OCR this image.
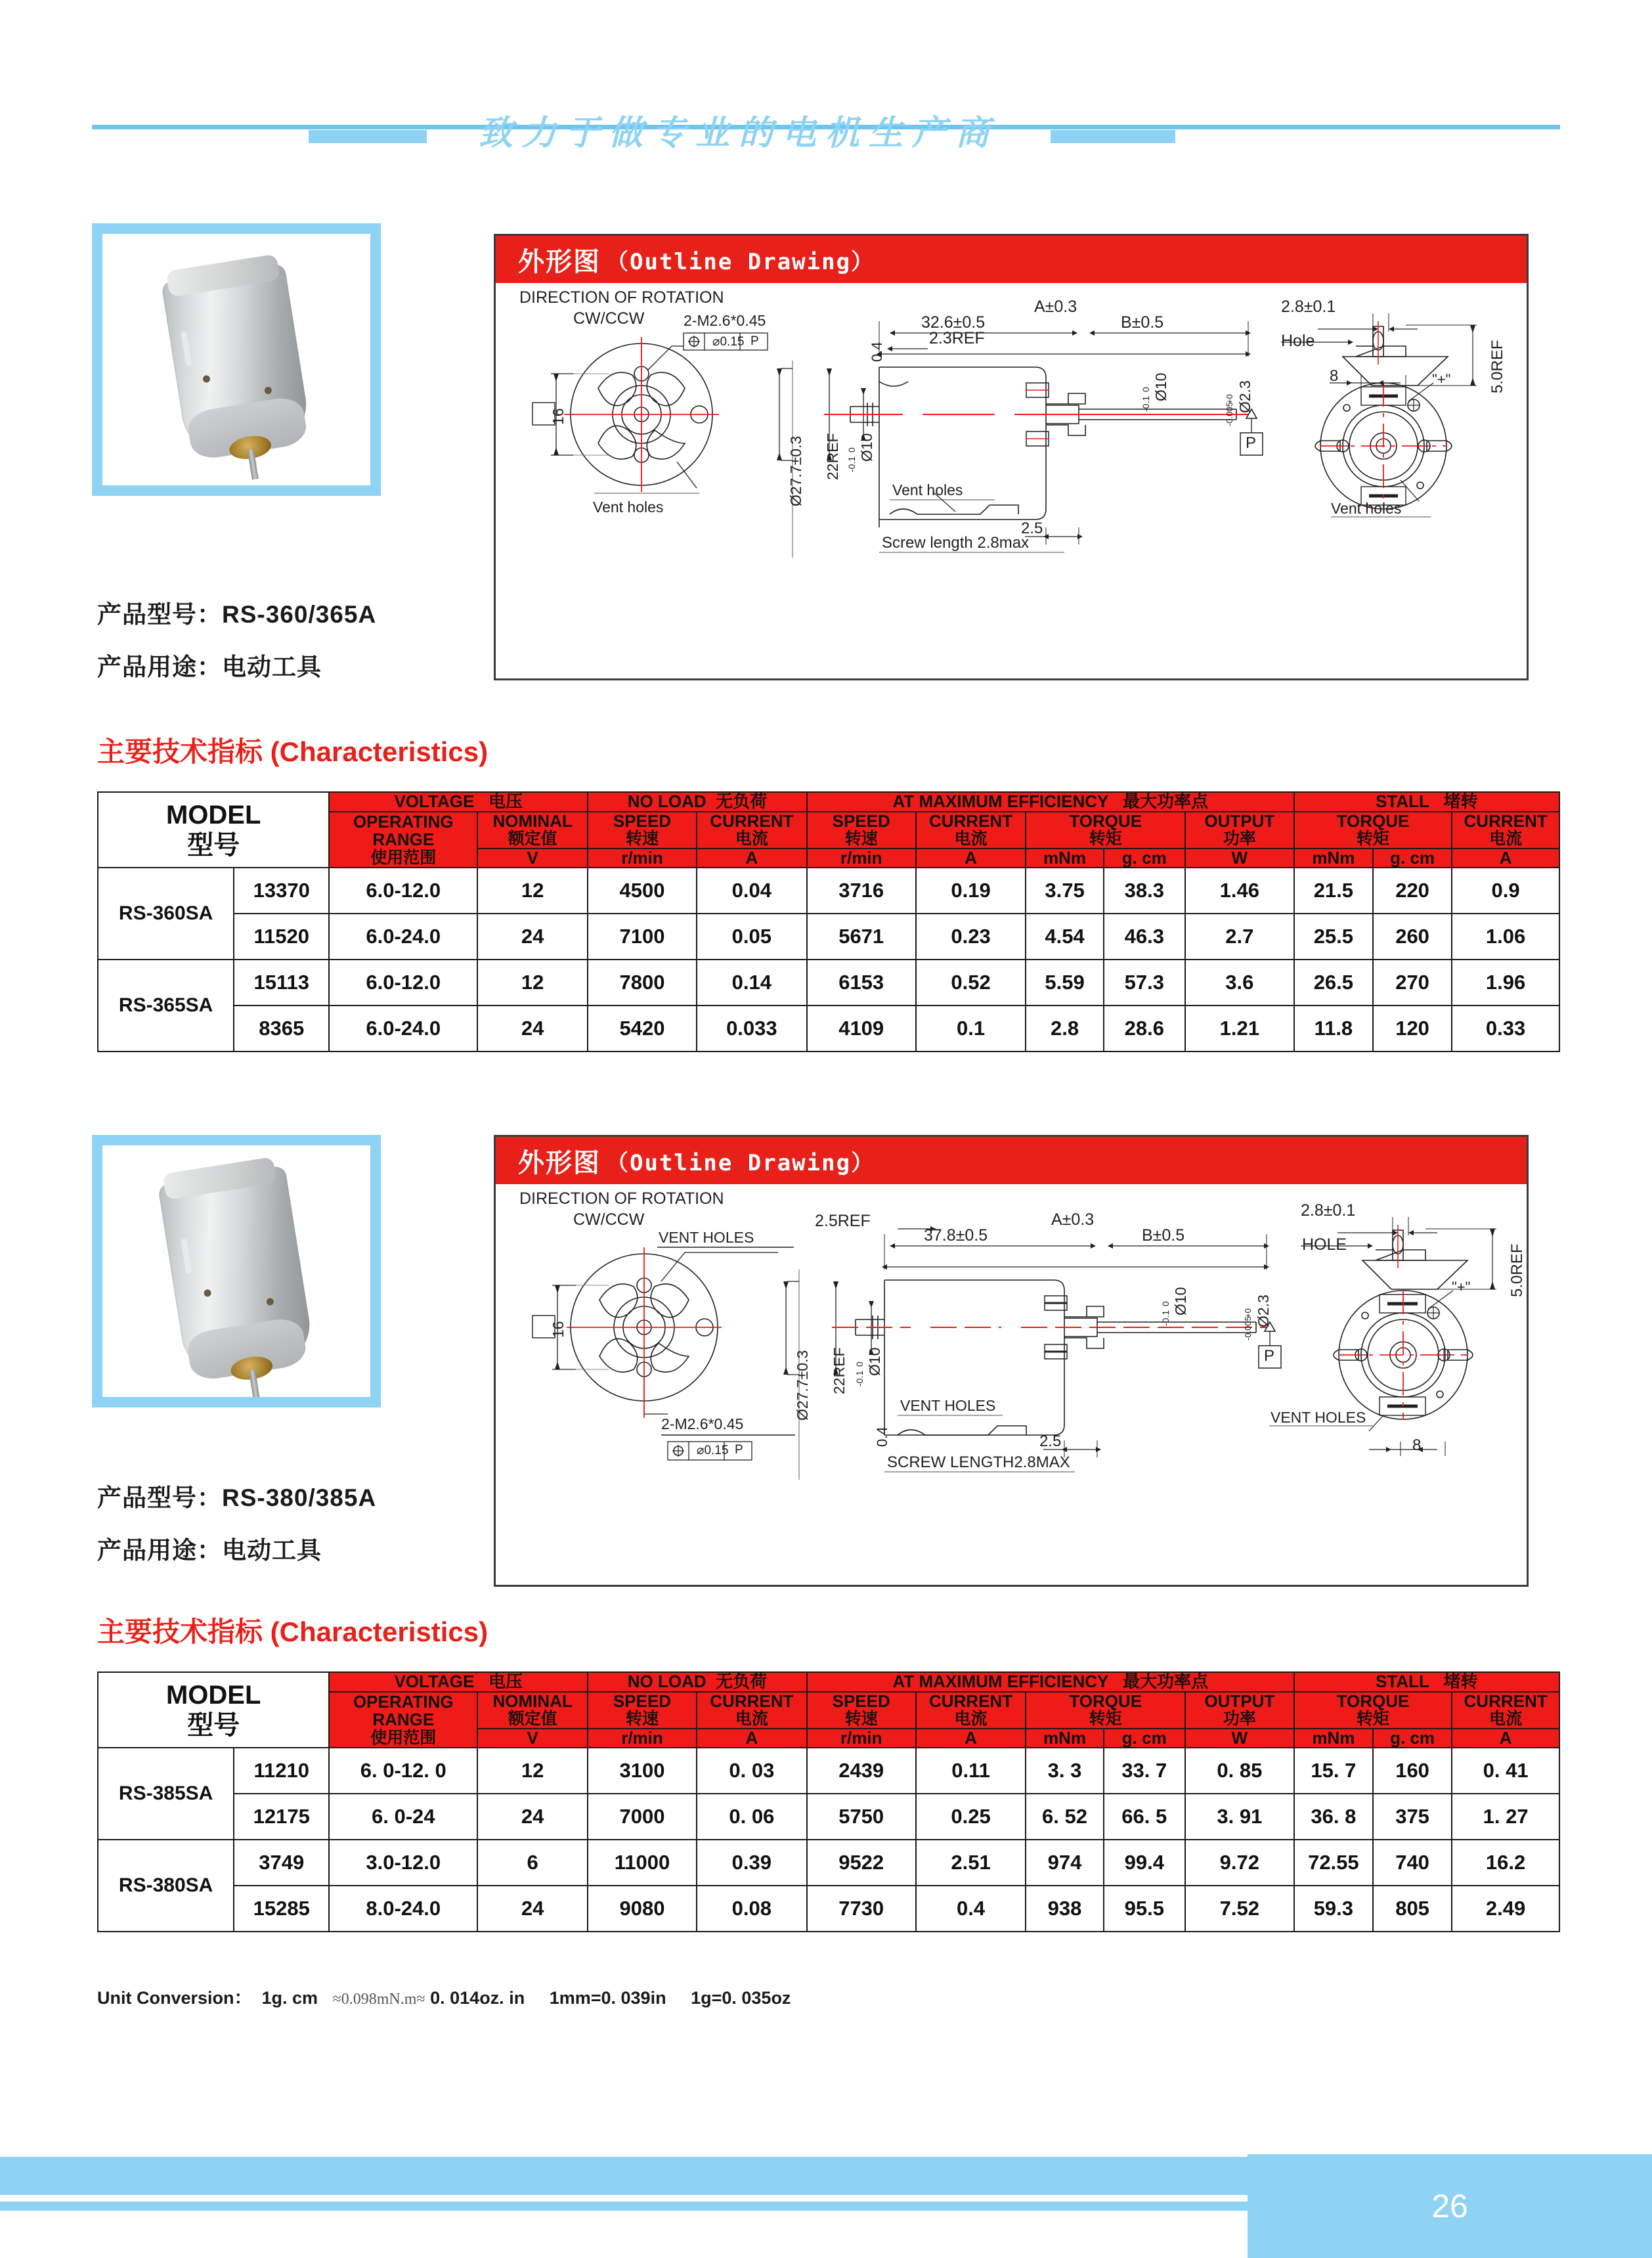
致力于做专业的电机生产商
产品型号：RS-360/365A
产品用途：电动工具
外形图 （Outline Drawing）
DIRECTION OF ROTATION
CW/CCW	2-M2.6*0.45
⌀0.15 P
16
Vent holes
Ø27.7±0.3 22REF Ø10
0
-0.1
0.4
A±0.3
32.6±0.5	B±0.5
2.3REF
Ø10
0
-0.1	Ø2.3
+0
-0.005
2.5
Vent holes
Screw length 2.8max
P
2.8±0.1
Hole
8	5.0REF
"+"
Vent holes
主要技术指标 (Characteristics)
MODEL
型号		VOLTAGE 电压		NO LOAD 无负荷		AT MAXIMUM EFFICIENCY 最大功率点					STALL 堵转		
		OPERATING RANGE
使用范围	NOMINAL
额定值	SPEED
转速	CURRENT
电流	SPEED
转速	CURRENT
电流	TORQUE
转矩		OUTPUT
功率	TORQUE
转矩		CURRENT
电流

			V	r/min	A	r/min	A	mNm	g. cm	W	mNm	g. cm	A
RS-360SA	13370	6.0-12.0	12	4500	0.04	3716	0.19	3.75	38.3	1.46	21.5	220	0.9
	11520	6.0-24.0	24	7100	0.05	5671	0.23	4.54	46.3	2.7	25.5	260	1.06
RS-365SA	15113	6.0-12.0	12	7800	0.14	6153	0.52	5.59	57.3	3.6	26.5	270	1.96
	8365	6.0-24.0	24	5420	0.033	4109	0.1	2.8	28.6	1.21	11.8	120	0.33
产品型号：RS-380/385A
产品用途：电动工具
外形图 （Outline Drawing）
DIRECTION OF ROTATION
CW/CCW
VENT HOLES
2-M2.6*0.45
⌀0.15 P
16
Ø27.7±0.3 22REF Ø10
0
-0.1
0.4
A±0.3
37.8±0.5	B±0.5
2.5REF
Ø10
0
-0.1	Ø2.3
+0
-0.005
2.5
VENT HOLES
SCREW LENGTH2.8MAX
P
2.8±0.1
HOLE
8
5.0REF
"+"
VENT HOLES
主要技术指标 (Characteristics)
MODEL
型号		VOLTAGE 电压		NO LOAD 无负荷		AT MAXIMUM EFFICIENCY 最大功率点					STALL 堵转		
		OPERATING RANGE
使用范围	NOMINAL
额定值	SPEED
转速	CURRENT
电流	SPEED
转速	CURRENT
电流	TORQUE
转矩		OUTPUT
功率	TORQUE
转矩		CURRENT
电流

			V	r/min	A	r/min	A	mNm	g. cm	W	mNm	g. cm	A
RS-385SA	11210	6. 0-12. 0	12	3100	0. 03	2439	0.11	3. 3	33. 7	0. 85	15. 7	160	0. 41
	12175	6. 0-24	24	7000	0. 06	5750	0.25	6. 52	66. 5	3. 91	36. 8	375	1. 27
RS-380SA	3749	3.0-12.0	6	11000	0.39	9522	2.51	974	99.4	9.72	72.55	740	16.2
	15285	8.0-24.0	24	9080	0.08	7730	0.4	938	95.5	7.52	59.3	805	2.49
Unit Conversion： 1g. cm ≈0.098mN.m≈ 0. 014oz. in 1mm=0. 039in 1g=0. 035oz
26
